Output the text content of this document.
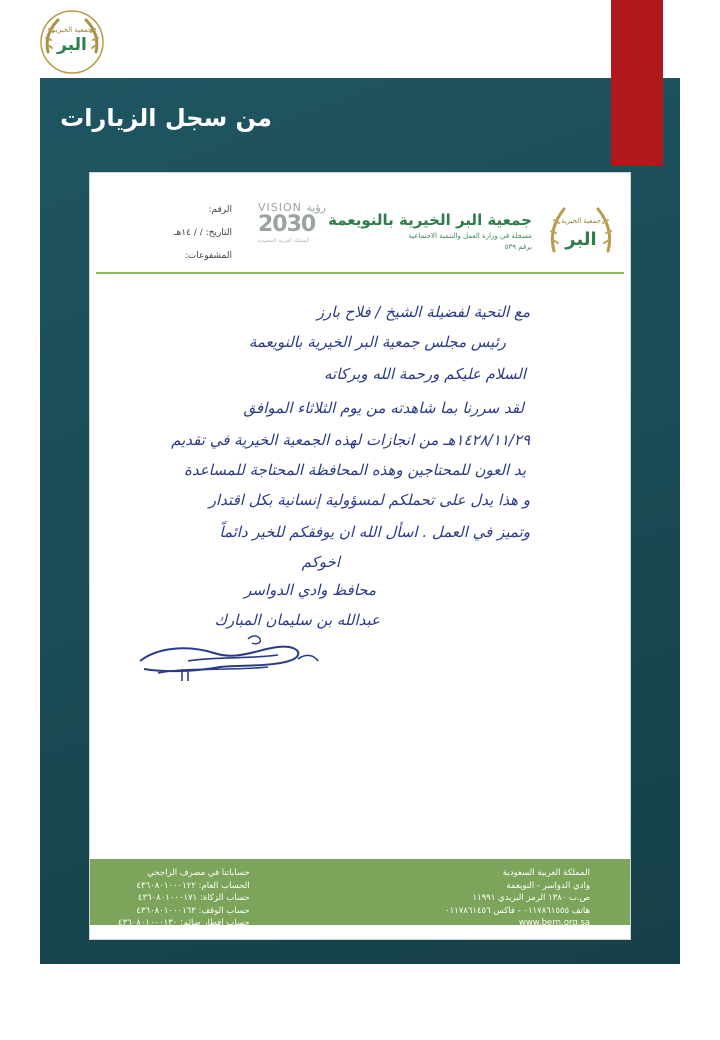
البر
جمعية الخيرية
من سجل الزيارات
البر
جمعية الخيرية
جمعية البر الخيرية بالنويعمة
مسجلة في وزارة العمل والتنمية الاجتماعية
برقم ٥٣٩
VISION رؤية
2030
المملكة العربية السعودية
الرقم:
التاريخ: / / ١٤هـ
المشفوعات:
مع التحية لفضيلة الشيخ / فلاح بارز
رئيس مجلس جمعية البر الخيرية بالنويعمة
السلام عليكم ورحمة الله وبركاته
لقد سررنا بما شاهدته من يوم الثلاثاء الموافق
١٤٢٨/١١/٢٩هـ من انجازات لهذه الجمعية الخيرية في تقديم
يد العون للمحتاجين وهذه المحافظة المحتاجة للمساعدة
و هذا يدل على تحملكم لمسؤولية إنسانية بكل اقتدار
وتميز في العمل . اسأل الله ان يوفقكم للخير دائماً
اخوكم
محافظ وادي الدواسر
عبدالله بن سليمان المبارك
المملكة العربية السعودية
وادي الدواسر - النويعمة
ص.ب ١٣٨٠ الرمز البريدي ١١٩٩١
هاتف ٠١١٧٨٦١٥٥٥ - فاكس ٠١١٧٨٦١٤٥٦
www.bern.org.sa
حساباتنا في مصرف الراجحي
الحساب العام: ٤٣٦٠٨٠١٠٠٠١٢٢
حساب الزكاة: ٤٣٦٠٨٠١٠٠٠١٧١
حساب الوقف: ٤٣٦٠٨٠١٠٠٠١٦٣
حساب إفطار صائم: ٤٣٦٠٨٠١٠٠٠١٣٠
